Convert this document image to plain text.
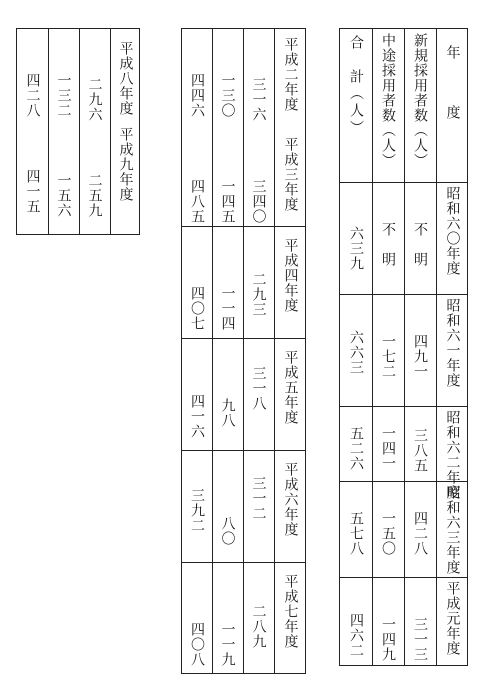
年　度
新規採用者数（人）
中途採用者数（人）
合　計（人）
昭和六〇年度
不　明
不　明
六三九
昭和六一年度
四九一
一七二
六六三
昭和六二年度
三八五
一四一
五二六
昭和六三年度
四二八
一五〇
五七八
平成元年度
三一三
一四九
四六二
平成二年度
三一六
一三〇
四四六
平成三年度
三四〇
一四五
四八五
平成四年度
二九三
一一四
四〇七
平成五年度
三一八
九八
四一六
平成六年度
三一二
八〇
三九二
平成七年度
二八九
一一九
四〇八
平成八年度
二九六
一三二
四二八
平成九年度
二五九
一五六
四一五
